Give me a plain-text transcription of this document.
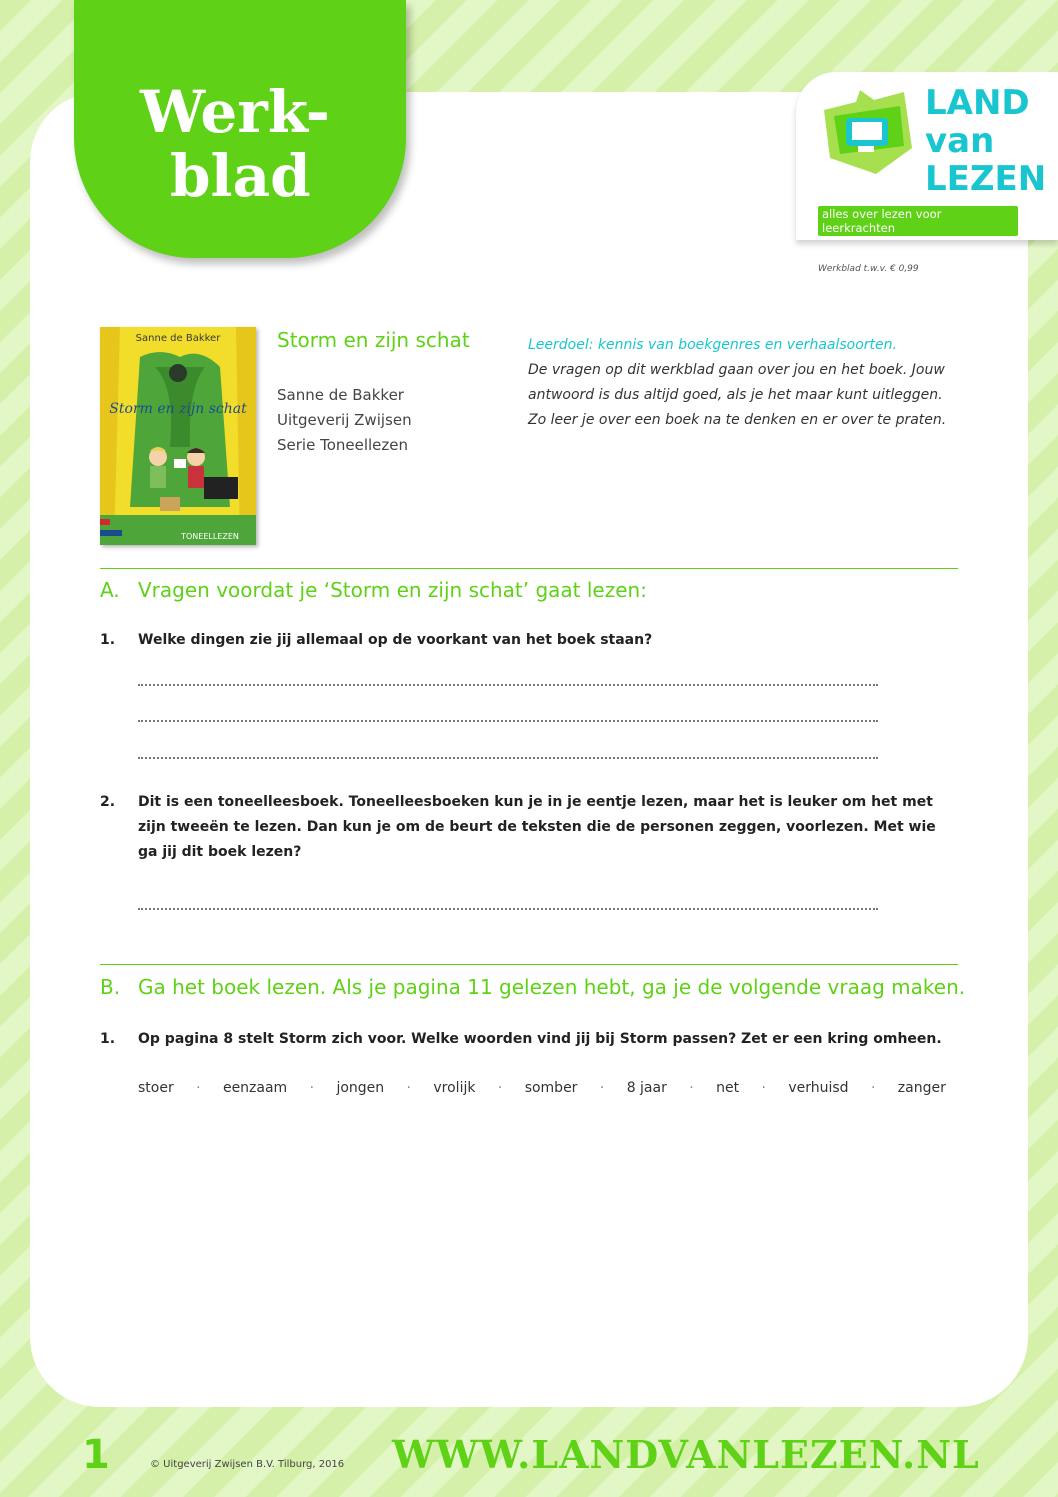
Werk-
blad
LAND
van
LEZEN
alles over lezen voor leerkrachten
Werkblad t.w.v. € 0,99
Sanne de Bakker
Storm en zijn schat
TONEELLEZEN
Storm en zijn schat
Sanne de Bakker
Uitgeverij Zwijsen
Serie Toneellezen
Leerdoel: kennis van boekgenres en verhaalsoorten.
De vragen op dit werkblad gaan over jou en het boek. Jouw antwoord is dus altijd goed, als je het maar kunt uitleggen. Zo leer je over een boek na te denken en er over te praten.
A. Vragen voordat je ‘Storm en zijn schat’ gaat lezen:
1. Welke dingen zie jij allemaal op de voorkant van het boek staan?
2. Dit is een toneelleesboek. Toneelleesboeken kun je in je eentje lezen, maar het is leuker om het met zijn tweeën te lezen. Dan kun je om de beurt de teksten die de personen zeggen, voorlezen. Met wie ga jij dit boek lezen?
B. Ga het boek lezen. Als je pagina 11 gelezen hebt, ga je de volgende vraag maken.
1. Op pagina 8 stelt Storm zich voor. Welke woorden vind jij bij Storm passen? Zet er een kring omheen.
stoer · eenzaam · jongen · vrolijk · somber · 8 jaar · net · verhuisd · zanger
1	© Uitgeverij Zwijsen B.V. Tilburg, 2016 WWW.LANDVANLEZEN.NL
